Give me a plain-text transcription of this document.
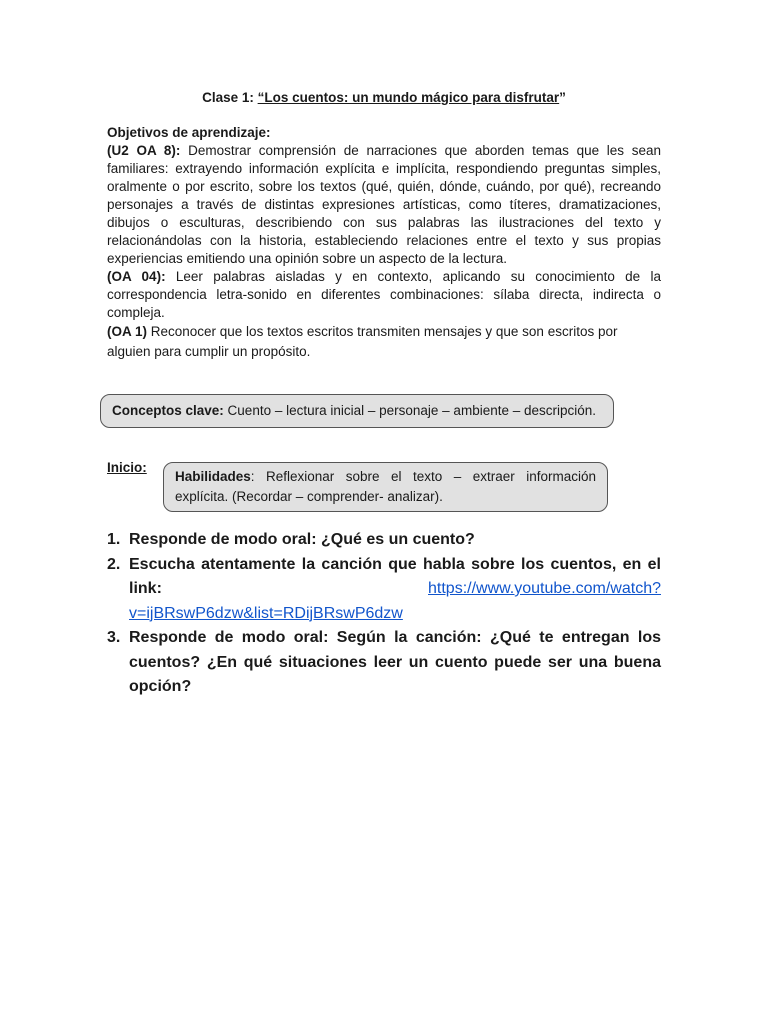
Clase 1: “Los cuentos: un mundo mágico para disfrutar”
Objetivos de aprendizaje:
(U2 OA 8): Demostrar comprensión de narraciones que aborden temas que les sean familiares: extrayendo información explícita e implícita, respondiendo preguntas simples, oralmente o por escrito, sobre los textos (qué, quién, dónde, cuándo, por qué), recreando personajes a través de distintas expresiones artísticas, como títeres, dramatizaciones, dibujos o esculturas, describiendo con sus palabras las ilustraciones del texto y relacionándolas con la historia, estableciendo relaciones entre el texto y sus propias experiencias emitiendo una opinión sobre un aspecto de la lectura.
(OA 04): Leer palabras aisladas y en contexto, aplicando su conocimiento de la correspondencia letra-sonido en diferentes combinaciones: sílaba directa, indirecta o compleja.
(OA 1) Reconocer que los textos escritos transmiten mensajes y que son escritos por alguien para cumplir un propósito.
Conceptos clave: Cuento – lectura inicial – personaje – ambiente – descripción.
Inicio:
Habilidades: Reflexionar sobre el texto – extraer información explícita. (Recordar – comprender- analizar).
1. Responde de modo oral: ¿Qué es un cuento?
2. Escucha atentamente la canción que habla sobre los cuentos, en el link:	https://www.youtube.com/watch?
v=ijBRswP6dzw&list=RDijBRswP6dzw
3. Responde de modo oral: Según la canción: ¿Qué te entregan los cuentos? ¿En qué situaciones leer un cuento puede ser una buena opción?
